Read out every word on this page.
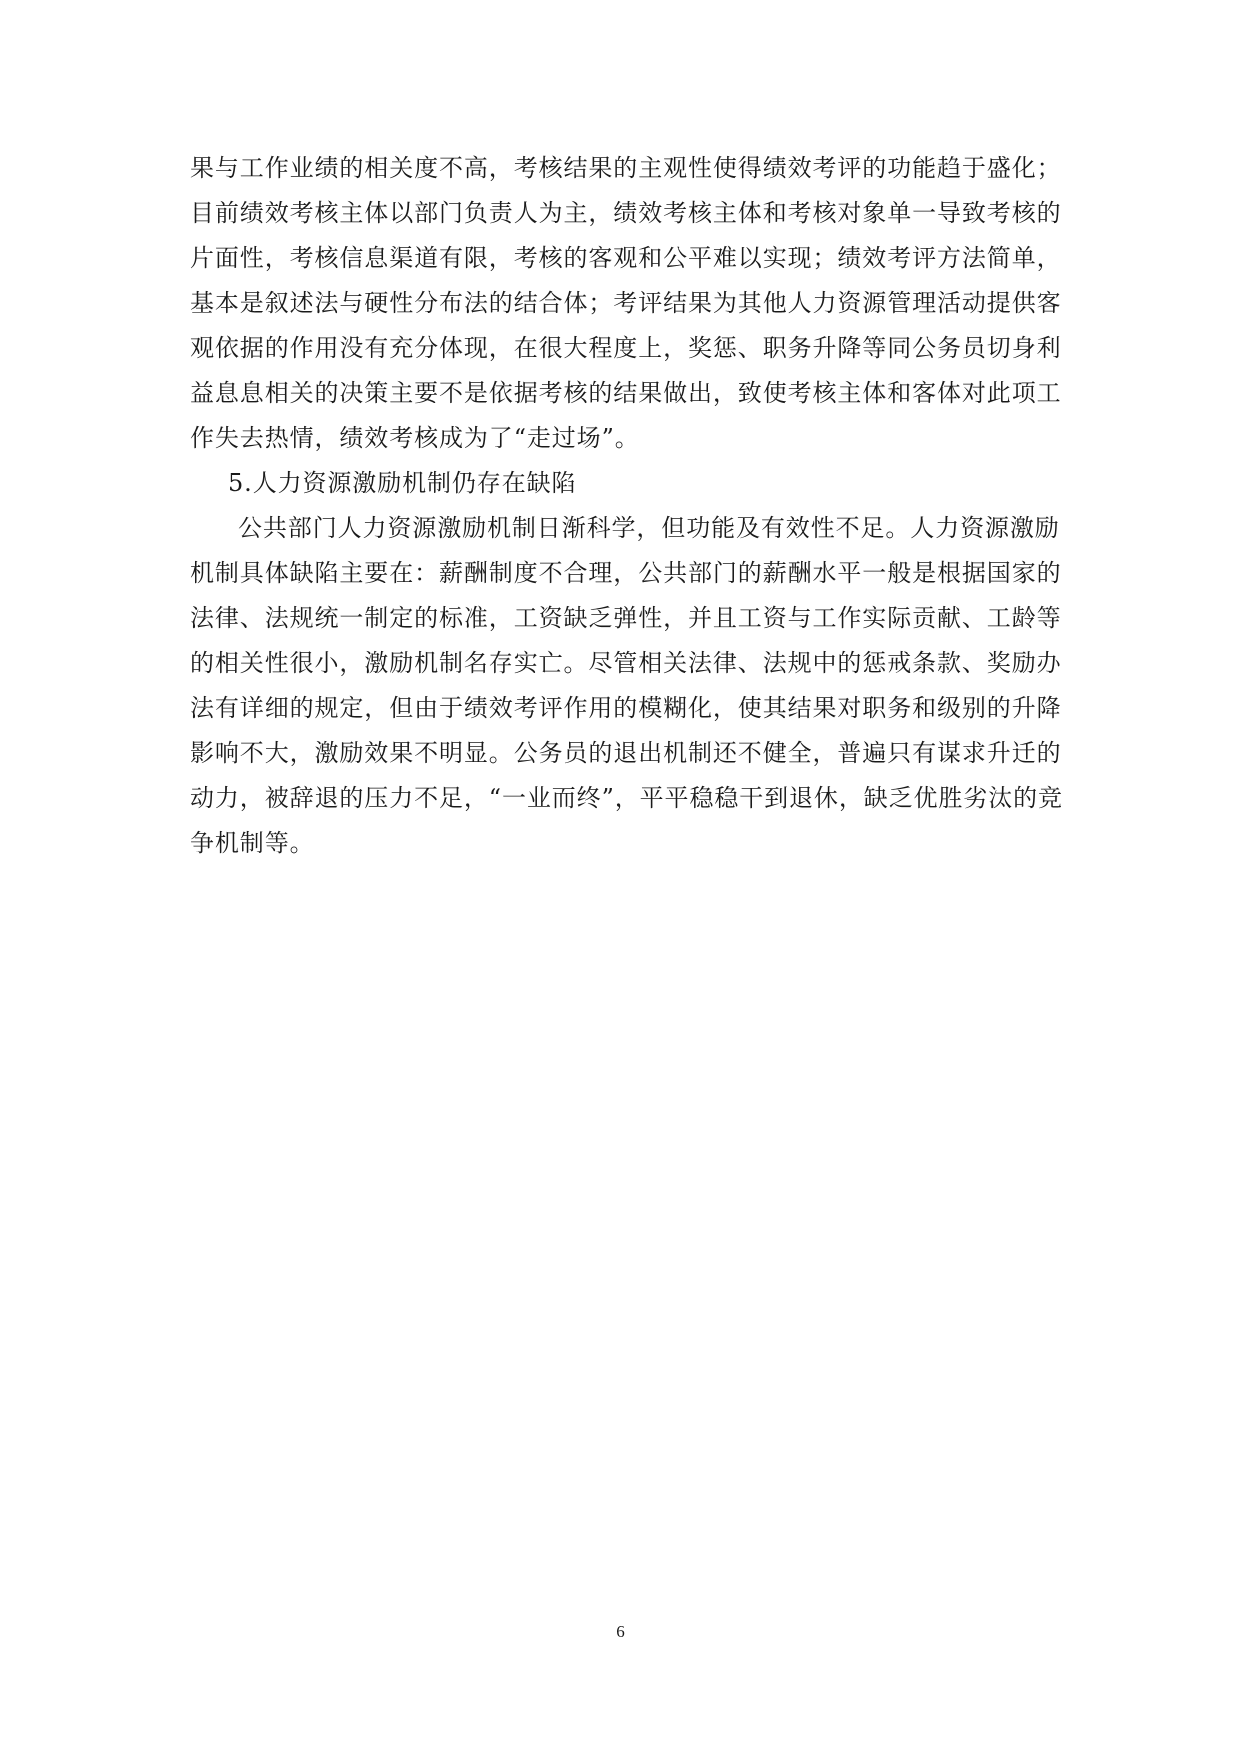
果与工作业绩的相关度不高，考核结果的主观性使得绩效考评的功能趋于盛化；
目前绩效考核主体以部门负责人为主，绩效考核主体和考核对象单一导致考核的
片面性，考核信息渠道有限，考核的客观和公平难以实现；绩效考评方法简单，
基本是叙述法与硬性分布法的结合体；考评结果为其他人力资源管理活动提供客
观依据的作用没有充分体现，在很大程度上，奖惩、职务升降等同公务员切身利
益息息相关的决策主要不是依据考核的结果做出，致使考核主体和客体对此项工
作失去热情，绩效考核成为了“走过场”。
5.人力资源激励机制仍存在缺陷
公共部门人力资源激励机制日渐科学，但功能及有效性不足。人力资源激励
机制具体缺陷主要在：薪酬制度不合理，公共部门的薪酬水平一般是根据国家的
法律、法规统一制定的标准，工资缺乏弹性，并且工资与工作实际贡献、工龄等
的相关性很小，激励机制名存实亡。尽管相关法律、法规中的惩戒条款、奖励办
法有详细的规定，但由于绩效考评作用的模糊化，使其结果对职务和级别的升降
影响不大，激励效果不明显。公务员的退出机制还不健全，普遍只有谋求升迁的
动力，被辞退的压力不足，“一业而终”，平平稳稳干到退休，缺乏优胜劣汰的竞
争机制等。
6
